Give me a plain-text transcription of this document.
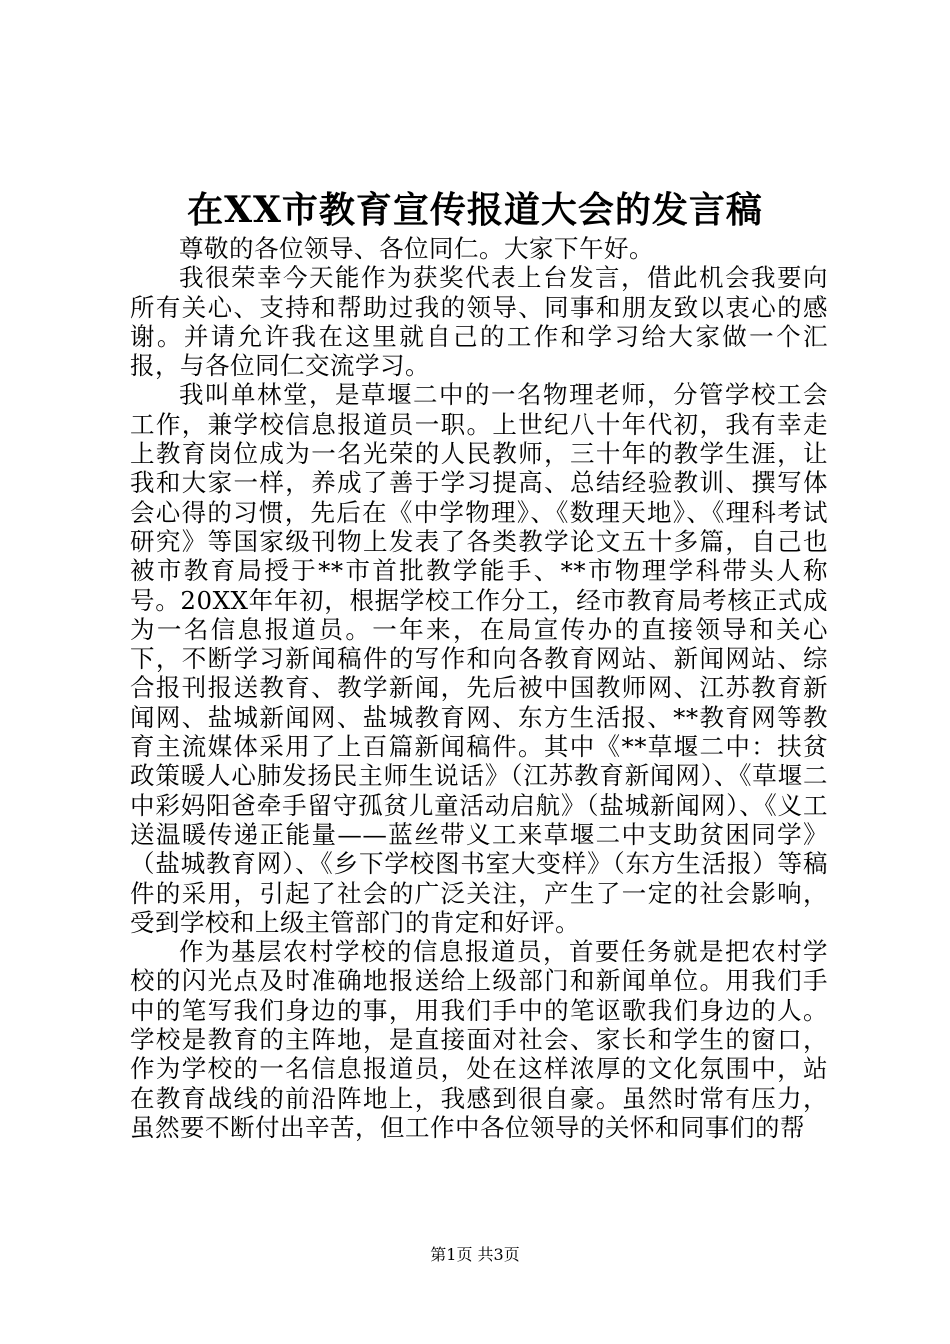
在XX市教育宣传报道大会的发言稿

尊敬的各位领导、各位同仁。大家下午好。

我很荣幸今天能作为获奖代表上台发言，借此机会我要向所有关心、支持和帮助过我的领导、同事和朋友致以衷心的感谢。并请允许我在这里就自己的工作和学习给大家做一个汇报，与各位同仁交流学习。

我叫单林堂，是草堰二中的一名物理老师，分管学校工会工作，兼学校信息报道员一职。上世纪八十年代初，我有幸走上教育岗位成为一名光荣的人民教师，三十年的教学生涯，让我和大家一样，养成了善于学习提高、总结经验教训、撰写体会心得的习惯，先后在《中学物理》、《数理天地》、《理科考试研究》等国家级刊物上发表了各类教学论文五十多篇，自己也被市教育局授于**市首批教学能手、**市物理学科带头人称号。20XX年年初，根据学校工作分工，经市教育局考核正式成为一名信息报道员。一年来，在局宣传办的直接领导和关心下，不断学习新闻稿件的写作和向各教育网站、新闻网站、综合报刊报送教育、教学新闻，先后被中国教师网、江苏教育新闻网、盐城新闻网、盐城教育网、东方生活报、**教育网等教育主流媒体采用了上百篇新闻稿件。其中《**草堰二中：扶贫政策暖人心肺发扬民主师生说话》（江苏教育新闻网）、《草堰二中彩妈阳爸牵手留守孤贫儿童活动启航》（盐城新闻网）、《义工送温暖传递正能量——蓝丝带义工来草堰二中支助贫困同学》（盐城教育网）、《乡下学校图书室大变样》（东方生活报）等稿件的采用，引起了社会的广泛关注，产生了一定的社会影响，受到学校和上级主管部门的肯定和好评。

作为基层农村学校的信息报道员，首要任务就是把农村学校的闪光点及时准确地报送给上级部门和新闻单位。用我们手中的笔写我们身边的事，用我们手中的笔讴歌我们身边的人。学校是教育的主阵地，是直接面对社会、家长和学生的窗口，作为学校的一名信息报道员，处在这样浓厚的文化氛围中，站在教育战线的前沿阵地上，我感到很自豪。虽然时常有压力，虽然要不断付出辛苦，但工作中各位领导的关怀和同事们的帮

第1页 共3页
